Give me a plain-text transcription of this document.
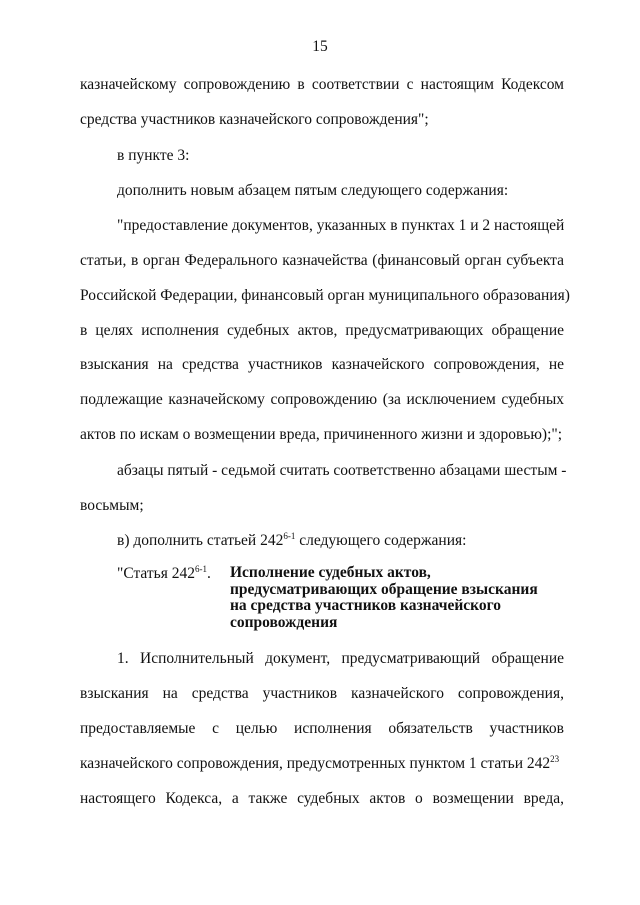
15
казначейскому сопровождению в соответствии с настоящим Кодексом
средства участников казначейского сопровождения";
в пункте 3:
дополнить новым абзацем пятым следующего содержания:
"предоставление документов, указанных в пунктах 1 и 2 настоящей
статьи, в орган Федерального казначейства (финансовый орган субъекта
Российской Федерации, финансовый орган муниципального образования)
в целях исполнения судебных актов, предусматривающих обращение
взыскания на средства участников казначейского сопровождения, не
подлежащие казначейскому сопровождению (за исключением судебных
актов по искам о возмещении вреда, причиненного жизни и здоровью);";
абзацы пятый - седьмой считать соответственно абзацами шестым -
восьмым;
в) дополнить статьей 242$^{6-1}$ следующего содержания:
"Статья 242$^{6-1}$. Исполнение судебных актов,
предусматривающих обращение взыскания
на средства участников казначейского
сопровождения
1. Исполнительный документ, предусматривающий обращение
взыскания на средства участников казначейского сопровождения,
предоставляемые с целью исполнения обязательств участников
казначейского сопровождения, предусмотренных пунктом 1 статьи $242^{23}$
настоящего Кодекса, а также судебных актов о возмещении вреда,
